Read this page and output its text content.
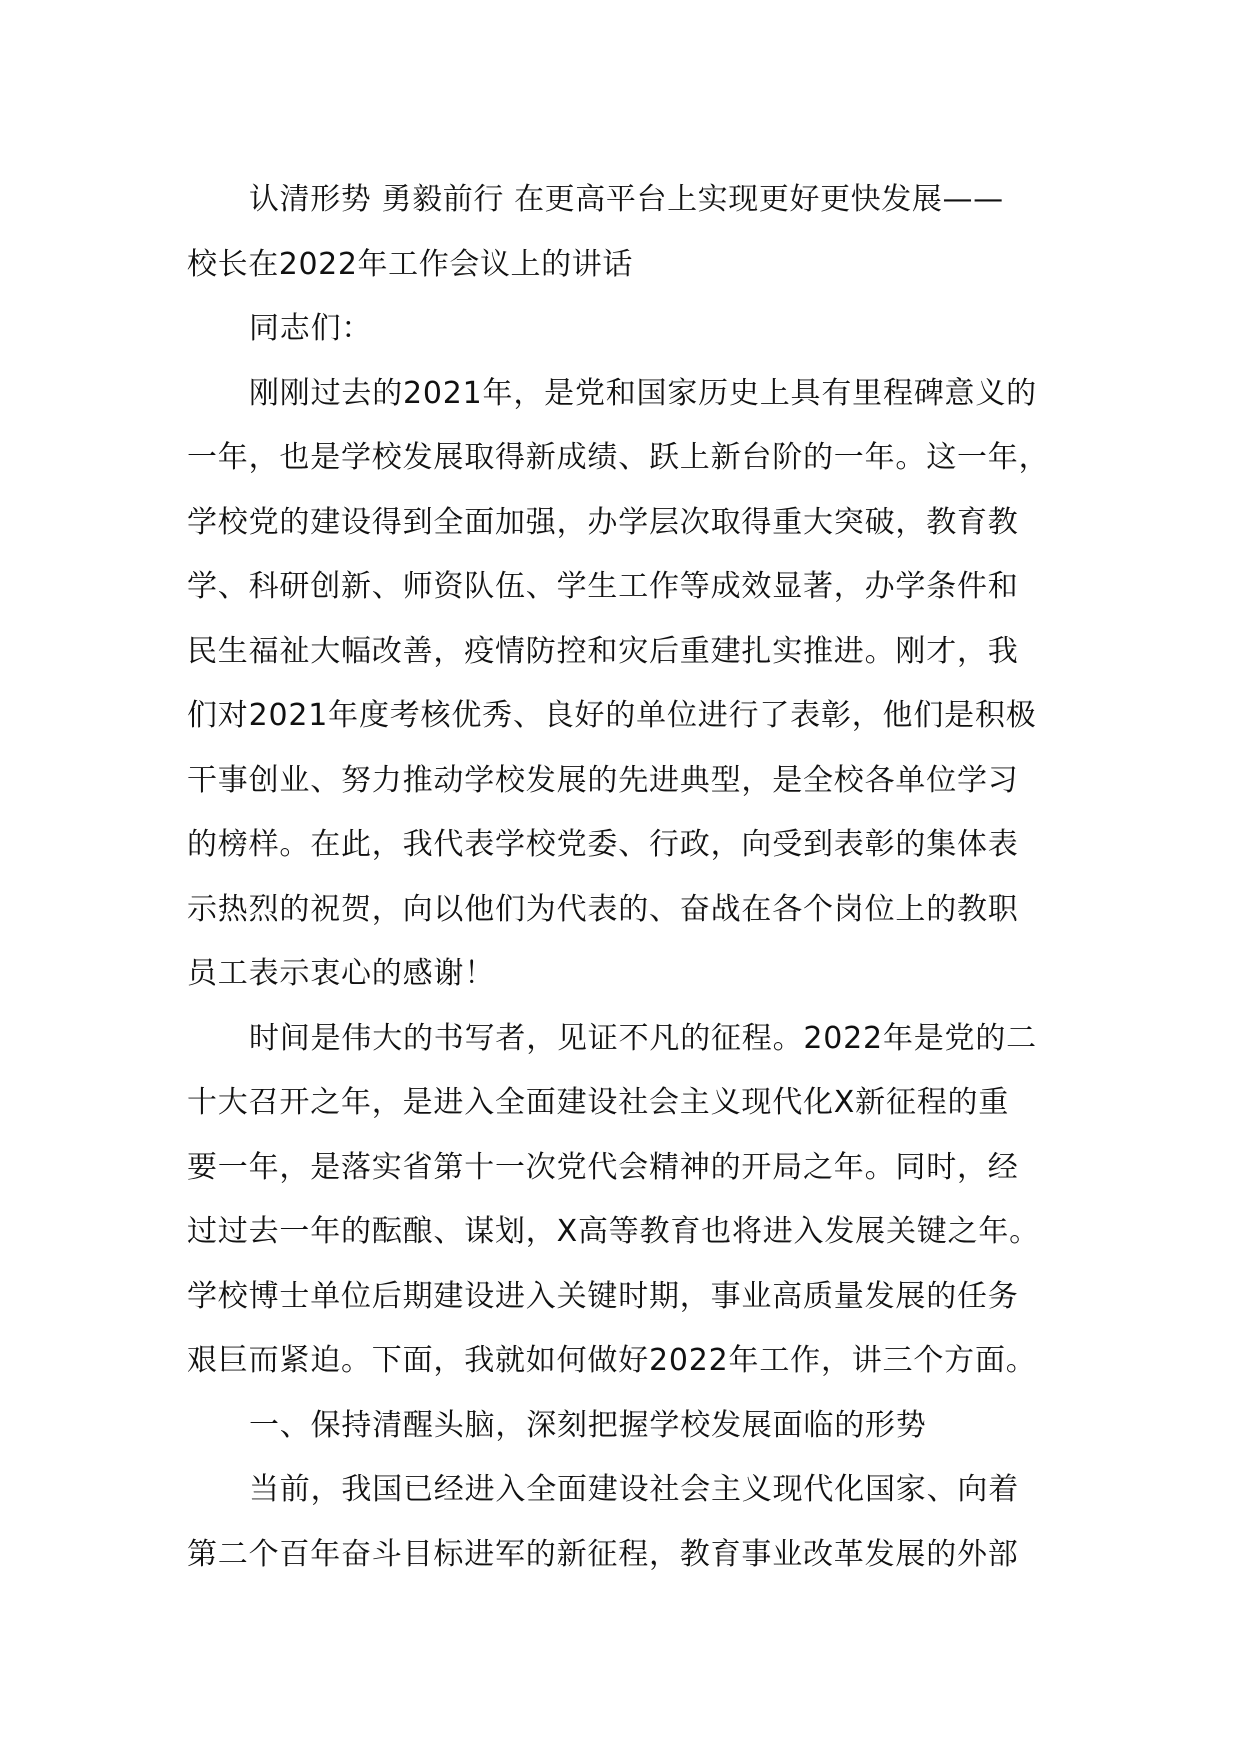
认清形势 勇毅前行 在更高平台上实现更好更快发展——
校长在2022年工作会议上的讲话
同志们：
刚刚过去的2021年，是党和国家历史上具有里程碑意义的
一年，也是学校发展取得新成绩、跃上新台阶的一年。这一年，
学校党的建设得到全面加强，办学层次取得重大突破，教育教
学、科研创新、师资队伍、学生工作等成效显著，办学条件和
民生福祉大幅改善，疫情防控和灾后重建扎实推进。刚才，我
们对2021年度考核优秀、良好的单位进行了表彰，他们是积极
干事创业、努力推动学校发展的先进典型，是全校各单位学习
的榜样。在此，我代表学校党委、行政，向受到表彰的集体表
示热烈的祝贺，向以他们为代表的、奋战在各个岗位上的教职
员工表示衷心的感谢！
时间是伟大的书写者，见证不凡的征程。2022年是党的二
十大召开之年，是进入全面建设社会主义现代化X新征程的重
要一年，是落实省第十一次党代会精神的开局之年。同时，经
过过去一年的酝酿、谋划，X高等教育也将进入发展关键之年。
学校博士单位后期建设进入关键时期，事业高质量发展的任务
艰巨而紧迫。下面，我就如何做好2022年工作，讲三个方面。
一、保持清醒头脑，深刻把握学校发展面临的形势
当前，我国已经进入全面建设社会主义现代化国家、向着
第二个百年奋斗目标进军的新征程，教育事业改革发展的外部
